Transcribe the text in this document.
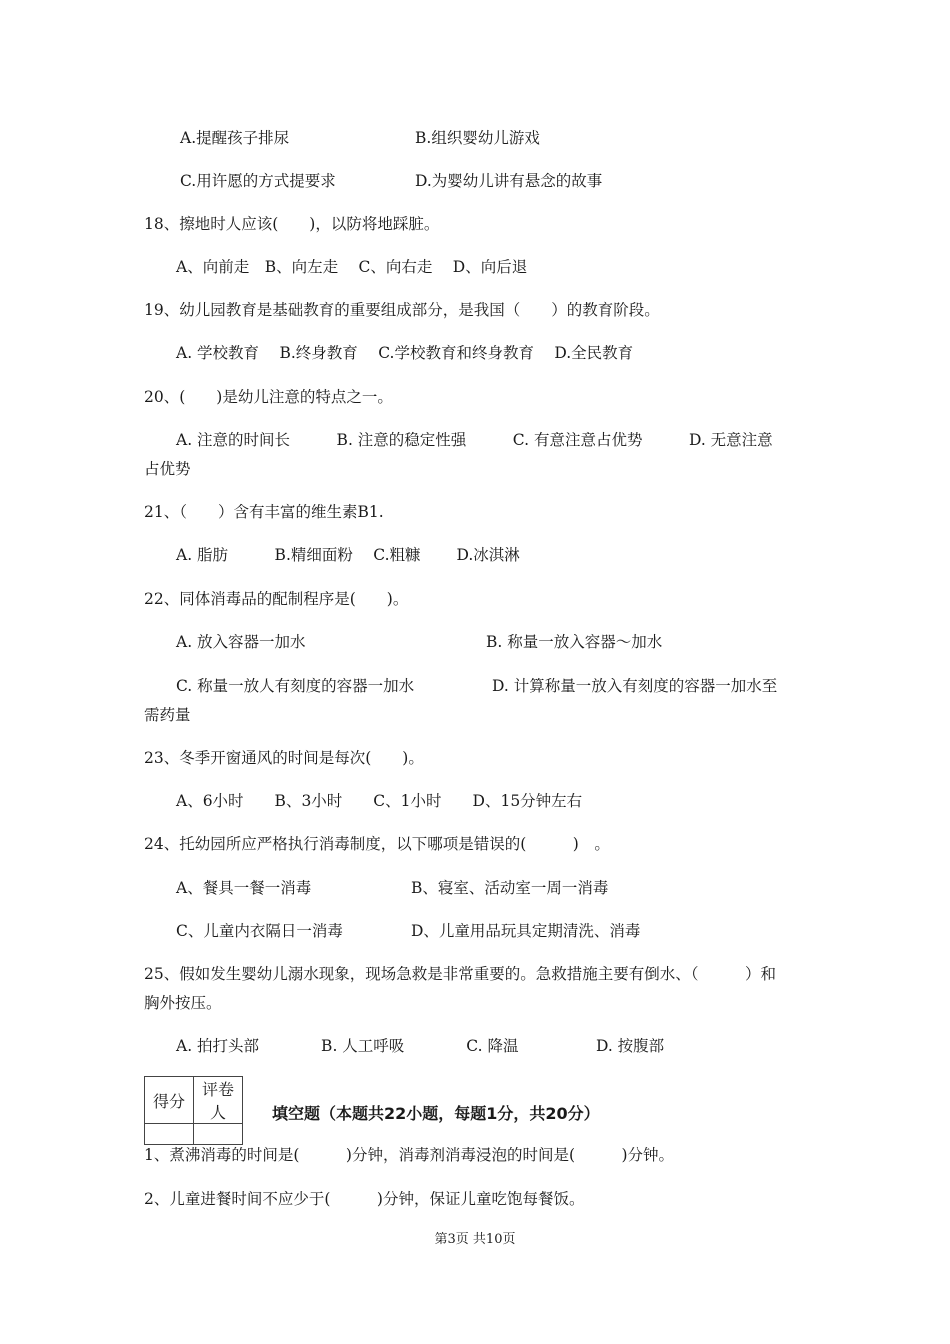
A.提醒孩子排尿	B.组织婴幼儿游戏
C.用许愿的方式提要求	D.为婴幼儿讲有悬念的故事
18、擦地时人应该(　　)，以防将地踩脏。
A、向前走　B、向左走　 C、向右走　 D、向后退
19、幼儿园教育是基础教育的重要组成部分，是我国（　　）的教育阶段。
A. 学校教育　 B.终身教育　 C.学校教育和终身教育　 D.全民教育
20、(　　)是幼儿注意的特点之一。
A. 注意的时间长　　　B. 注意的稳定性强　　　C. 有意注意占优势　　　D. 无意注意
占优势
21、（　　）含有丰富的维生素B1.
A. 脂肪　　　B.精细面粉　 C.粗糠　　 D.冰淇淋
22、同体消毒品的配制程序是(　　)。
A. 放入容器一加水	B. 称量一放入容器～加水
C. 称量一放人有刻度的容器一加水	D. 计算称量一放入有刻度的容器一加水至
需药量
23、冬季开窗通风的时间是每次(　　)。
A、6小时　　B、3小时　　C、1小时　　D、15分钟左右
24、托幼园所应严格执行消毒制度，以下哪项是错误的(　　　)　。
A、餐具一餐一消毒	B、寝室、活动室一周一消毒
C、儿童内衣隔日一消毒	D、儿童用品玩具定期清洗、消毒
25、假如发生婴幼儿溺水现象，现场急救是非常重要的。急救措施主要有倒水、（　　　）和
胸外按压。
A. 拍打头部　　　　B. 人工呼吸　　　　C. 降温　　　　　D. 按腹部
得分	评卷人
		填空题（本题共22小题，每题1分，共20分）
1、煮沸消毒的时间是(　　　)分钟，消毒剂消毒浸泡的时间是(　　　)分钟。
2、儿童进餐时间不应少于(　　　)分钟，保证儿童吃饱每餐饭。
第3页 共10页
